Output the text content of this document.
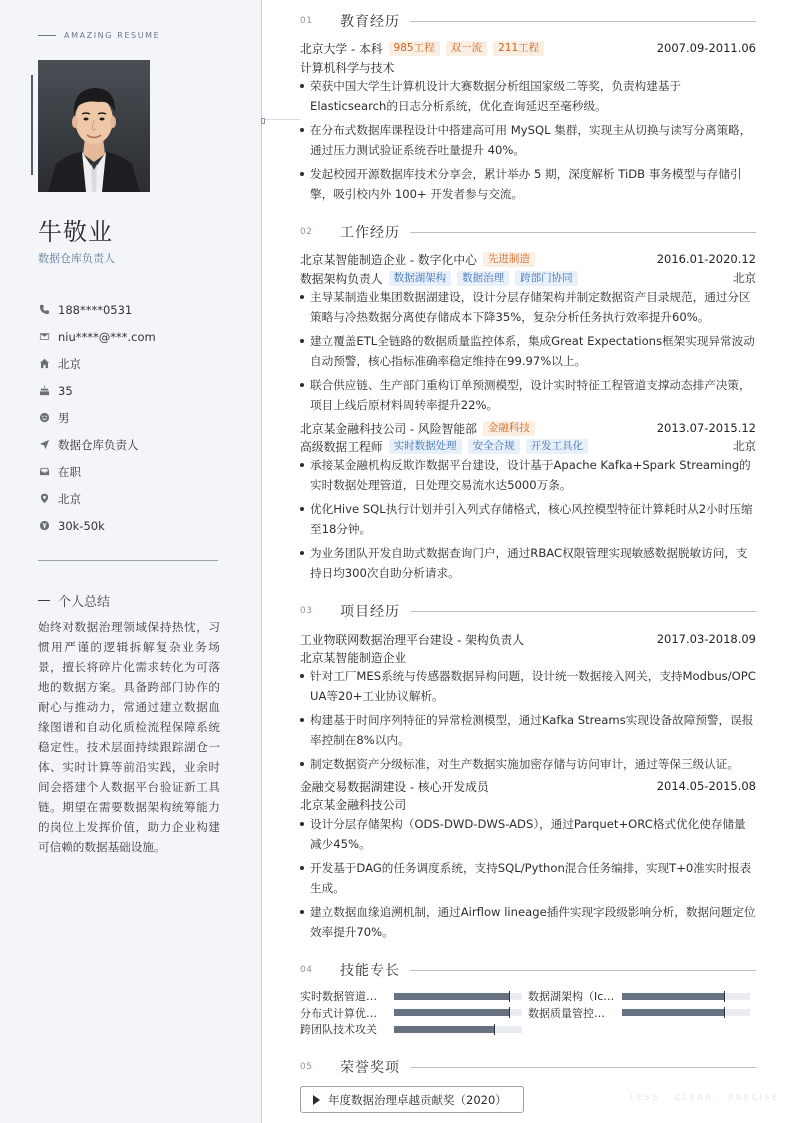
AMAZING RESUME
牛敬业
数据仓库负责人
188****0531
niu****@***.com
北京
35
男
数据仓库负责人
在职
北京
30k-50k
个人总结
始终对数据治理领域保持热忱，习惯用严谨的逻辑拆解复杂业务场景，擅长将碎片化需求转化为可落地的数据方案。具备跨部门协作的耐心与推动力，常通过建立数据血缘图谱和自动化质检流程保障系统稳定性。技术层面持续跟踪湖仓一体、实时计算等前沿实践，业余时间会搭建个人数据平台验证新工具链。期望在需要数据架构统筹能力的岗位上发挥价值，助力企业构建可信赖的数据基础设施。
01	教育经历
北京大学 - 本科	985工程	双一流	211工程	2007.09-2011.06
计算机科学与技术
荣获中国大学生计算机设计大赛数据分析组国家级二等奖，负责构建基于Elasticsearch的日志分析系统，优化查询延迟至毫秒级。
在分布式数据库课程设计中搭建高可用 MySQL 集群，实现主从切换与读写分离策略，通过压力测试验证系统吞吐量提升 40%。
发起校园开源数据库技术分享会，累计举办 5 期，深度解析 TiDB 事务模型与存储引擎，吸引校内外 100+ 开发者参与交流。
02	工作经历
北京某智能制造企业 - 数字化中心	先进制造	2016.01-2020.12
数据架构负责人	数据湖架构	数据治理	跨部门协同	北京
主导某制造业集团数据湖建设，设计分层存储架构并制定数据资产目录规范，通过分区策略与冷热数据分离使存储成本下降35%，复杂分析任务执行效率提升60%。
建立覆盖ETL全链路的数据质量监控体系，集成Great Expectations框架实现异常波动自动预警，核心指标准确率稳定维持在99.97%以上。
联合供应链、生产部门重构订单预测模型，设计实时特征工程管道支撑动态排产决策，项目上线后原材料周转率提升22%。
北京某金融科技公司 - 风险智能部	金融科技	2013.07-2015.12
高级数据工程师	实时数据处理	安全合规	开发工具化	北京
承接某金融机构反欺诈数据平台建设，设计基于Apache Kafka+Spark Streaming的实时数据处理管道，日处理交易流水达5000万条。
优化Hive SQL执行计划并引入列式存储格式，核心风控模型特征计算耗时从2小时压缩至18分钟。
为业务团队开发自助式数据查询门户，通过RBAC权限管理实现敏感数据脱敏访问，支持日均300次自助分析请求。
03	项目经历
工业物联网数据治理平台建设 - 架构负责人	2017.03-2018.09
北京某智能制造企业
针对工厂MES系统与传感器数据异构问题，设计统一数据接入网关，支持Modbus/OPC UA等20+工业协议解析。
构建基于时间序列特征的异常检测模型，通过Kafka Streams实现设备故障预警，误报率控制在8%以内。
制定数据资产分级标准，对生产数据实施加密存储与访问审计，通过等保三级认证。
金融交易数据湖建设 - 核心开发成员	2014.05-2015.08
北京某金融科技公司
设计分层存储架构（ODS-DWD-DWS-ADS），通过Parquet+ORC格式优化使存储量减少45%。
开发基于DAG的任务调度系统，支持SQL/Python混合任务编排，实现T+0准实时报表生成。
建立数据血缘追溯机制，通过Airflow lineage插件实现字段级影响分析，数据问题定位效率提升70%。
04	技能专长
实时数据管道…	数据湖架构（Ic…
分布式计算优…	数据质量管控…
跨团队技术攻关
05	荣誉奖项
年度数据治理卓越贡献奖（2020）	LESS · CLEAR · PRECISE
